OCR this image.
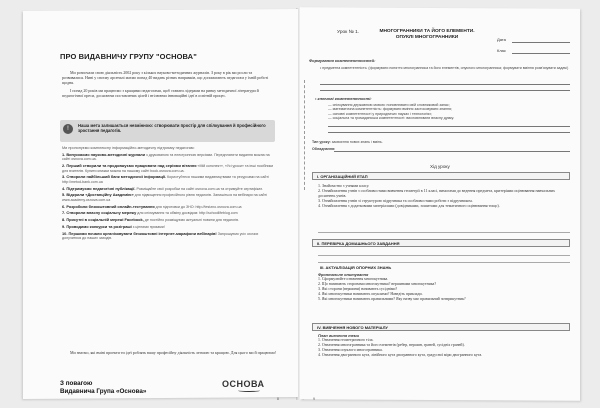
ПРО ВИДАВНИЧУ ГРУПУ "ОСНОВА"

Ми розпочали свою діяльність 2002 року з кількох науково-методичних журналів. З року в рік ми росли та розвивалися. Нині у своєму арсеналі маємо понад 40 видань різних напрямків, що допомагають педагогам у їхній роботі щодня.

І понад 20 років ми працюємо з кращими педагогами, щоб ставати лідерами на ринку методичної літератури й педагогічної преси, досягаючи поставлених цілей і втілюючи інноваційні ідеї в освітній процес.

!
Наша мета залишається незмінною: створювати простір для спілкування й професійного зростання педагогів.
Ми пропонуємо комплексну інформаційно-методичну підтримку педагогам:
1. Випускаємо науково-методичні журнали з друкованою та електронною версіями. Передплатити видання можна на сайті osnova.com.ua.
2. Перший створили та продовжуємо працювати над серіями вітання «Мій конспект», «Усі уроки» та інші посібники для вчителів. Купити книжки можна на нашому сайті book.osnova.com.ua.
3. Створили найбільший банк методичної інформації. Користуйтеся нашими видавництвами та ресурсами на сайті http://metod-bank.com.ua
4. Підтримуємо педагогічні публікації. Розміщайте свої розробки на сайті osnova.com.ua та отримуйте сертифікат.
5. Відкрили «Дистанційну Академію» для підвищення професійного рівня педагогів. Запишіться на вебінари на сайті www.academy.osnova.com.ua
6. Розробили безкоштовний онлайн-тестування для підготовки до ЗНО: http://testzno.osnova.com.ua
7. Створили власну соціальну мережу для спілкування та обміну досвідом: http://schoollifeblog.com
8. Присутні в соціальній мережі Facebook, де постійно розміщуємо актуальні новини для педагогів.
9. Проводимо конкурси та розіграші з цінними призами!
10. Першими почали організовувати безкоштовні інтернет-марафони вебінарів! Запрошуємо усіх охочих долучитися до наших заходів.
Ми знаємо, які вміні проекти ти ідеї роблять вашу професійну діяльність легшою та кращою. Для цього ми й працюємо!
З повагою
Видавнича Група «Основа»
ОСНОВА
8
Урок № 1.	МНОГОГРАННИКИ ТА ЙОГО ЕЛЕМЕНТИ. ОПУКЛІ МНОГОГРАННИКИ	Дата
Клас
Формування компетентностей:
• предметна компетентність: (формувати поняття многогранника та його елементів, опуклого многогранника; формувати вміння розв'язувати задачі)
• ключові компетентності:
— спілкування державною мовою: поповнювати свій словниковий запас;
— математична компетентність: формувати вміння застосовувати знання;
— основні компетентності у природничих науках і технологіях;
— соціальна та громадянська компетентності: висловлювати власну думку.
Тип уроку: засвоєння нових знань і вмінь.
Обладнання:
Хід уроку
I. ОРГАНІЗАЦІЙНИЙ ЕТАП
1. Знайомство з учнями класу.
2. Ознайомлення учнів з особливостями вивчення геометрії в 11 класі, вимогами до ведення предмета, критеріями оцінювання навчальних досягнень учнів.
3. Ознайомлення учнів зі структурою підручника та особливостями роботи з підручником.
4. Ознайомлення з додатковими матеріалами (довідниками, зошитами для тематичного оцінювання тощо).
II. ПЕРЕВІРКА ДОМАШНЬОГО ЗАВДАННЯ
III. АКТУАЛІЗАЦІЯ ОПОРНИХ ЗНАНЬ
Фронтальне опитування
1. Сформулюйте означення многокутника.
2. Що називають сторонами многокутника? вершинами многокутника?
3. Які сторони (вершини) називають сусідніми?
4. Які многокутники називають опуклими? Наведіть приклади.
5. Які многокутники називають правильними? Яку назву має правильний чотирикутник?
IV. ВИВЧЕННЯ НОВОГО МАТЕРІАЛУ
План вивчення теми
1. Означення геометричного тіла.
2. Означення многогранника та його елементів (ребер, вершин, граней, сусідніх граней).
3. Означення опуклого многогранника.
4. Означення двогранного кута, лінійного кута двогранного кута, градусної міри двогранного кута.
9
